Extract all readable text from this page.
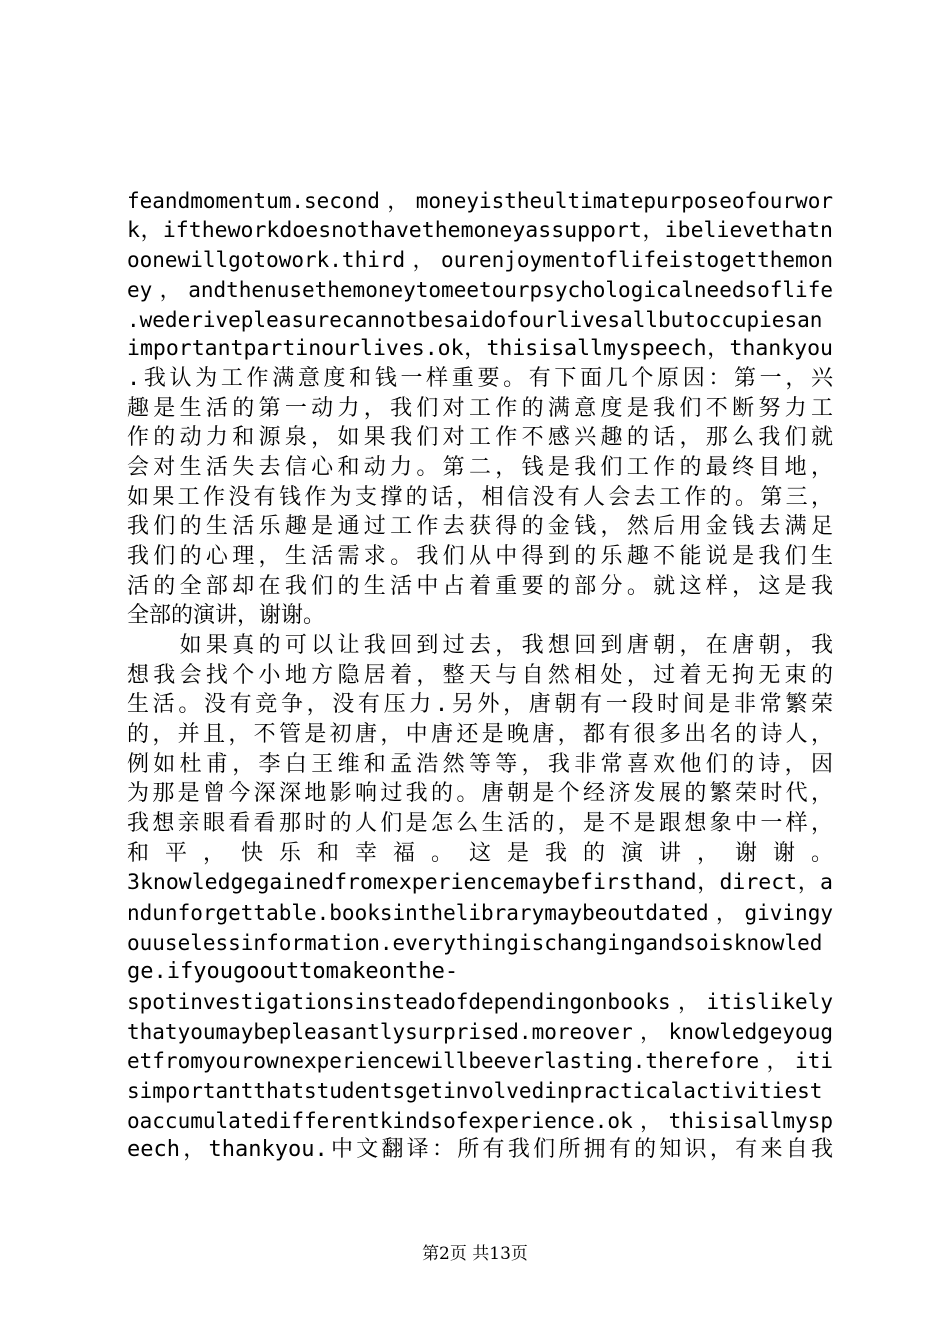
feandmomentum.second，moneyistheultimatepurposeofourwor
k，iftheworkdoesnothavethemoneyassupport，ibelievethatn
oonewillgotowork.third，ourenjoymentoflifeistogetthemon
ey，andthenusethemoneytomeetourpsychologicalneedsoflife
.wederivepleasurecannotbesaidofourlivesallbutoccupiesan
importantpartinourlives.ok，thisisallmyspeech，thankyou
.我认为工作满意度和钱一样重要。有下面几个原因：第一，兴
趣是生活的第一动力，我们对工作的满意度是我们不断努力工
作的动力和源泉，如果我们对工作不感兴趣的话，那么我们就
会对生活失去信心和动力。第二，钱是我们工作的最终目地，
如果工作没有钱作为支撑的话，相信没有人会去工作的。第三，
我们的生活乐趣是通过工作去获得的金钱，然后用金钱去满足
我们的心理，生活需求。我们从中得到的乐趣不能说是我们生
活的全部却在我们的生活中占着重要的部分。就这样，这是我
全部的演讲，谢谢。
　　如果真的可以让我回到过去，我想回到唐朝，在唐朝，我
想我会找个小地方隐居着，整天与自然相处，过着无拘无束的
生活。没有竞争，没有压力.另外，唐朝有一段时间是非常繁荣
的，并且，不管是初唐，中唐还是晚唐，都有很多出名的诗人，
例如杜甫，李白王维和孟浩然等等，我非常喜欢他们的诗，因
为那是曾今深深地影响过我的。唐朝是个经济发展的繁荣时代，
我想亲眼看看那时的人们是怎么生活的，是不是跟想象中一样，
和平，快乐和幸福。这是我的演讲，谢谢。
3knowledgegainedfromexperiencemaybefirsthand，direct，a
ndunforgettable.booksinthelibrarymaybeoutdated，givingy
ouuselessinformation.everythingischangingandsoisknowled
ge.ifyougoouttomakeonthe-
spotinvestigationsinsteadofdependingonbooks，itislikely
thatyoumaybepleasantlysurprised.moreover，knowledgeyoug
etfromyourownexperiencewillbeeverlasting.therefore，iti
simportantthatstudentsgetinvolvedinpracticalactivitiest
oaccumulatedifferentkindsofexperience.ok，thisisallmysp
eech，thankyou.中文翻译：所有我们所拥有的知识，有来自我
第2页 共13页
